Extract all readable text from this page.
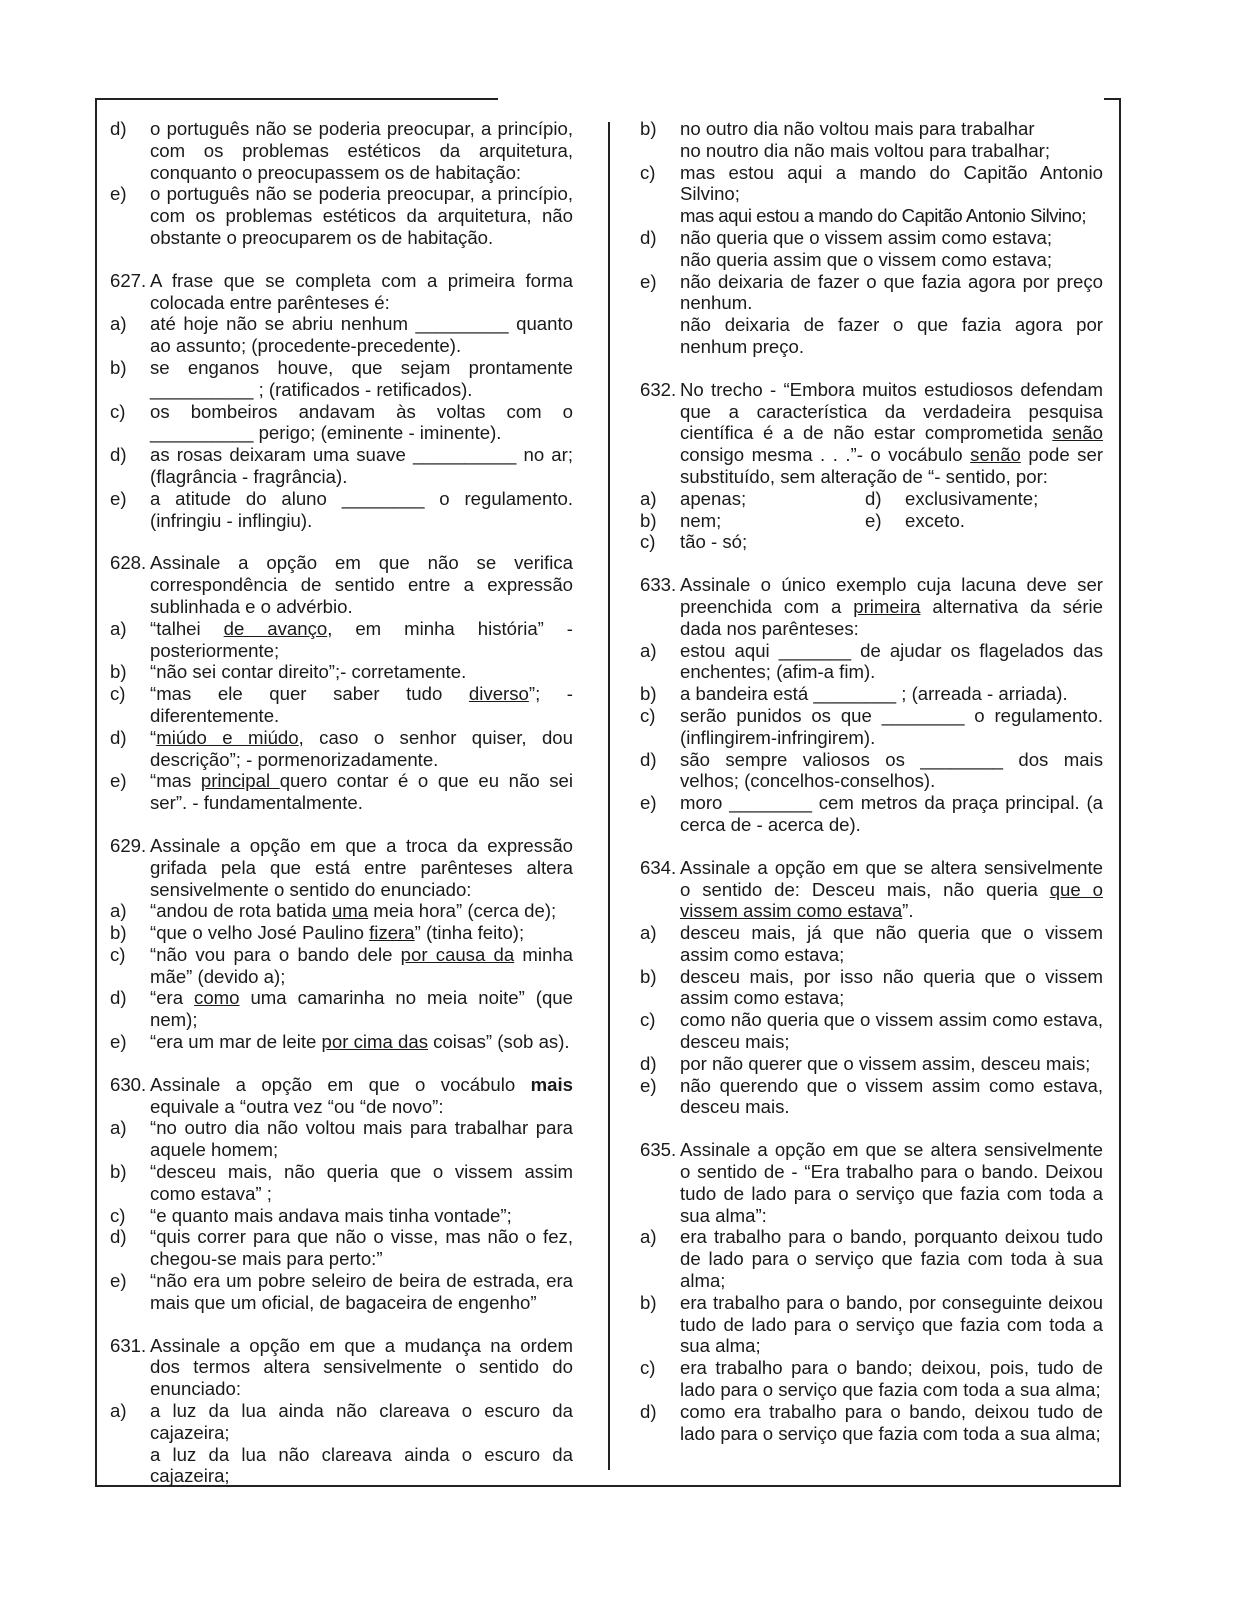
d)	o português não se poderia preocupar, a princípio, com os problemas estéticos da arquitetura, conquanto o preocupassem os de habitação:
e)	o português não se poderia preocupar, a princípio, com os problemas estéticos da arquitetura, não obstante o preocuparem os de habitação.
627. A frase que se completa com a primeira forma colocada entre parênteses é:
a)	até hoje não se abriu nenhum _________ quanto ao assunto; (procedente-precedente).
b)	se enganos houve, que sejam prontamente __________ ; (ratificados - retificados).
c)	os bombeiros andavam às voltas com o __________ perigo; (eminente - iminente).
d)	as rosas deixaram uma suave __________ no ar; (flagrância - fragrância).
e)	a atitude do aluno ________ o regulamento. (infringiu - inflingiu).
628. Assinale a opção em que não se verifica correspondência de sentido entre a expressão sublinhada e o advérbio.
a)	“talhei de avanço, em minha história” - posteriormente;
b)	“não sei contar direito”;- corretamente.
c)	“mas ele quer saber tudo diverso”; - diferentemente.
d)	“miúdo e miúdo, caso o senhor quiser, dou descrição”; - pormenorizadamente.
e)	“mas principal quero contar é o que eu não sei ser”. - fundamentalmente.
629. Assinale a opção em que a troca da expressão grifada pela que está entre parênteses altera sensivelmente o sentido do enunciado:
a)	“andou de rota batida uma meia hora” (cerca de);
b)	“que o velho José Paulino fizera” (tinha feito);
c)	“não vou para o bando dele por causa da minha mãe” (devido a);
d)	“era como uma camarinha no meia noite” (que nem);
e)	“era um mar de leite por cima das coisas” (sob as).
630. Assinale a opção em que o vocábulo mais equivale a “outra vez “ou “de novo”:
a)	“no outro dia não voltou mais para trabalhar para aquele homem;
b)	“desceu mais, não queria que o vissem assim como estava” ;
c)	“e quanto mais andava mais tinha vontade”;
d)	“quis correr para que não o visse, mas não o fez, chegou-se mais para perto:”
e)	“não era um pobre seleiro de beira de estrada, era mais que um oficial, de bagaceira de engenho”
631. Assinale a opção em que a mudança na ordem dos termos altera sensivelmente o sentido do enunciado:
a)	a luz da lua ainda não clareava o escuro da cajazeira;
a luz da lua não clareava ainda o escuro da cajazeira;
b)	no outro dia não voltou mais para trabalhar
no noutro dia não mais voltou para trabalhar;
c)	mas estou aqui a mando do Capitão Antonio Silvino;
mas aqui estou a mando do Capitão Antonio Silvino;
d)	não queria que o vissem assim como estava;
não queria assim que o vissem como estava;
e)	não deixaria de fazer o que fazia agora por preço nenhum.
não deixaria de fazer o que fazia agora por nenhum preço.
632. No trecho - “Embora muitos estudiosos defendam que a característica da verdadeira pesquisa científica é a de não estar comprometida senão consigo mesma . . .”- o vocábulo senão pode ser substituído, sem alteração de “- sentido, por:
a)	apenas;	d)	exclusivamente;
b)	nem;	e)	exceto.
c)	tão - só;
633. Assinale o único exemplo cuja lacuna deve ser preenchida com a primeira alternativa da série dada nos parênteses:
a)	estou aqui _______ de ajudar os flagelados das enchentes; (afim-a fim).
b)	a bandeira está ________ ; (arreada - arriada).
c)	serão punidos os que ________ o regulamento. (inflingirem-infringirem).
d)	são sempre valiosos os ________ dos mais velhos; (concelhos-conselhos).
e)	moro ________ cem metros da praça principal. (a cerca de - acerca de).
634. Assinale a opção em que se altera sensivelmente o sentido de: Desceu mais, não queria que o vissem assim como estava”.
a)	desceu mais, já que não queria que o vissem assim como estava;
b)	desceu mais, por isso não queria que o vissem assim como estava;
c)	como não queria que o vissem assim como estava, desceu mais;
d)	por não querer que o vissem assim, desceu mais;
e)	não querendo que o vissem assim como estava, desceu mais.
635. Assinale a opção em que se altera sensivelmente o sentido de - “Era trabalho para o bando. Deixou tudo de lado para o serviço que fazia com toda a sua alma”:
a)	era trabalho para o bando, porquanto deixou tudo de lado para o serviço que fazia com toda à sua alma;
b)	era trabalho para o bando, por conseguinte deixou tudo de lado para o serviço que fazia com toda a sua alma;
c)	era trabalho para o bando; deixou, pois, tudo de lado para o serviço que fazia com toda a sua alma;
d)	como era trabalho para o bando, deixou tudo de lado para o serviço que fazia com toda a sua alma;
